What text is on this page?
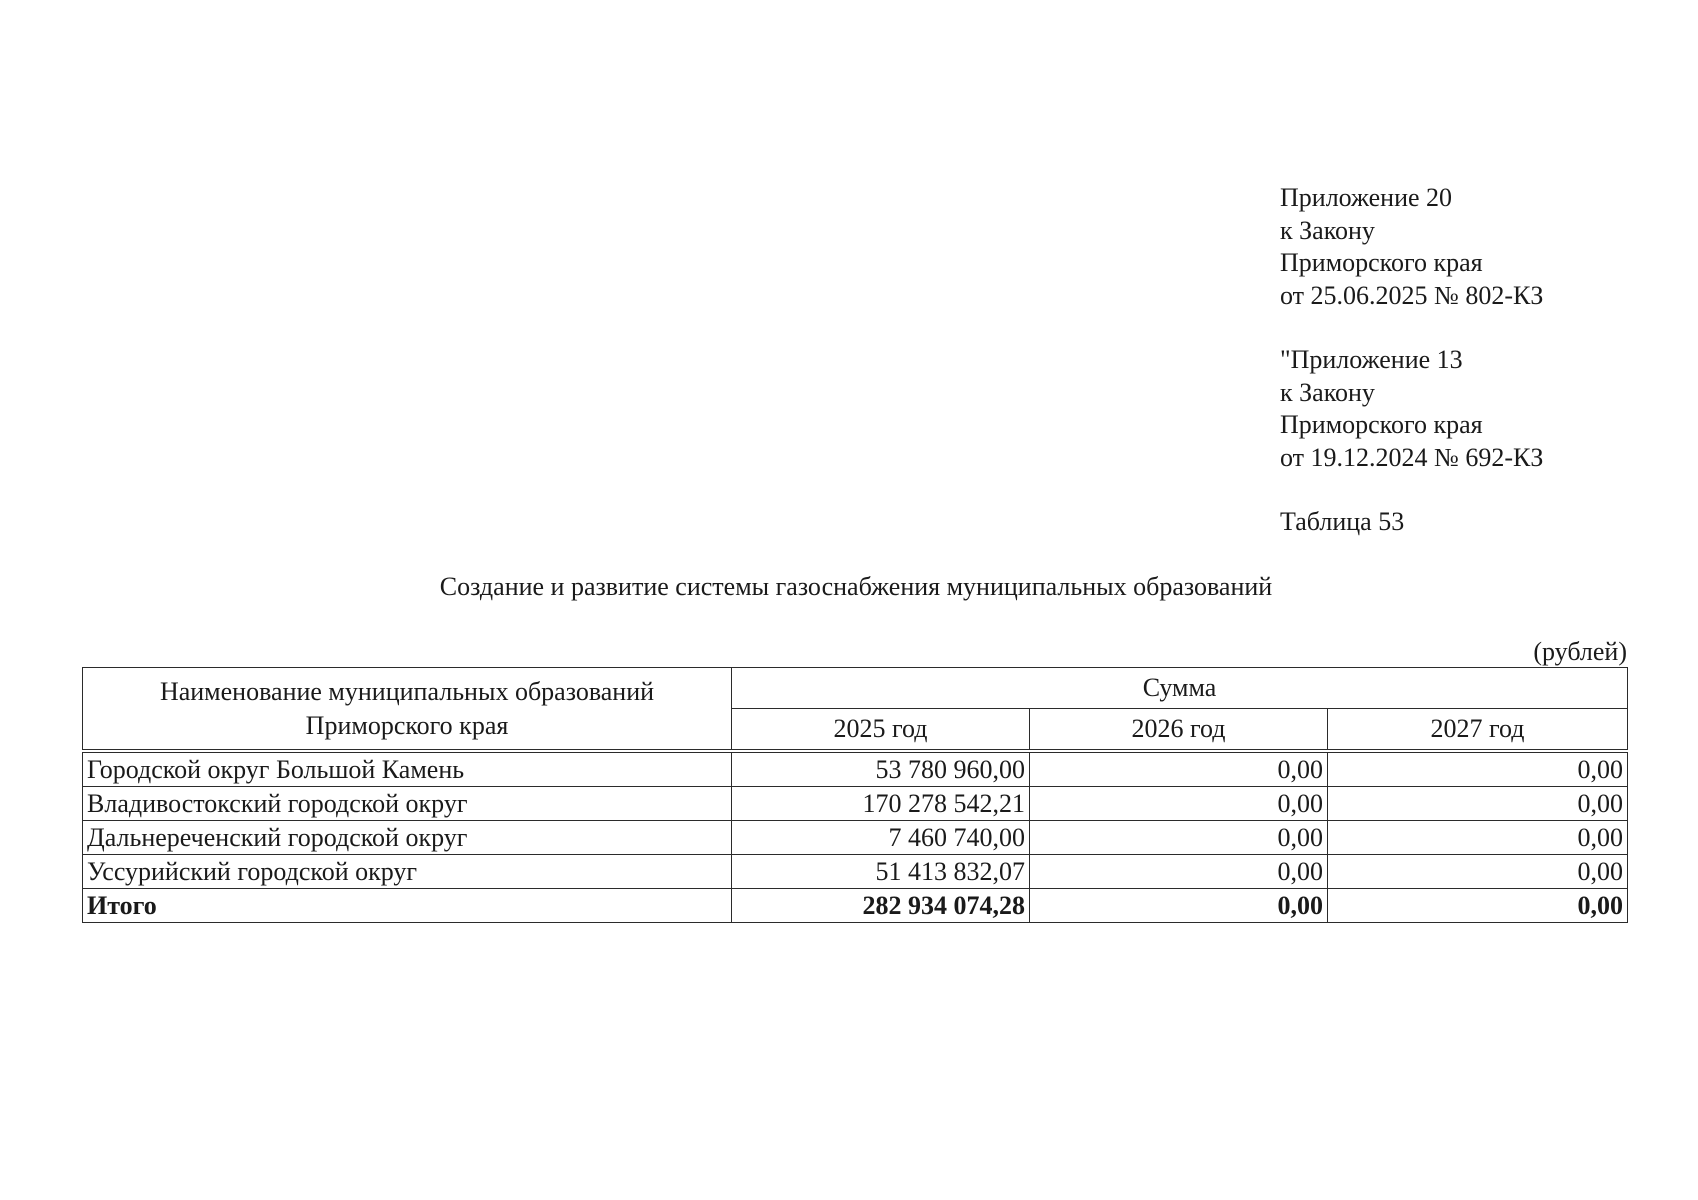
Приложение 20
к Закону
Приморского края
от 25.06.2025 № 802-КЗ
"Приложение 13
к Закону
Приморского края
от 19.12.2024 № 692-КЗ
Таблица 53
Создание и развитие системы газоснабжения муниципальных образований
(рублей)
Наименование муниципальных образований Приморского края	Сумма		
	2025 год	2026 год	2027 год

Городской округ Большой Камень	53 780 960,00	0,00	0,00
Владивостокский городской округ	170 278 542,21	0,00	0,00
Дальнереченский городской округ	7 460 740,00	0,00	0,00
Уссурийский городской округ	51 413 832,07	0,00	0,00
Итого	282 934 074,28	0,00	0,00
